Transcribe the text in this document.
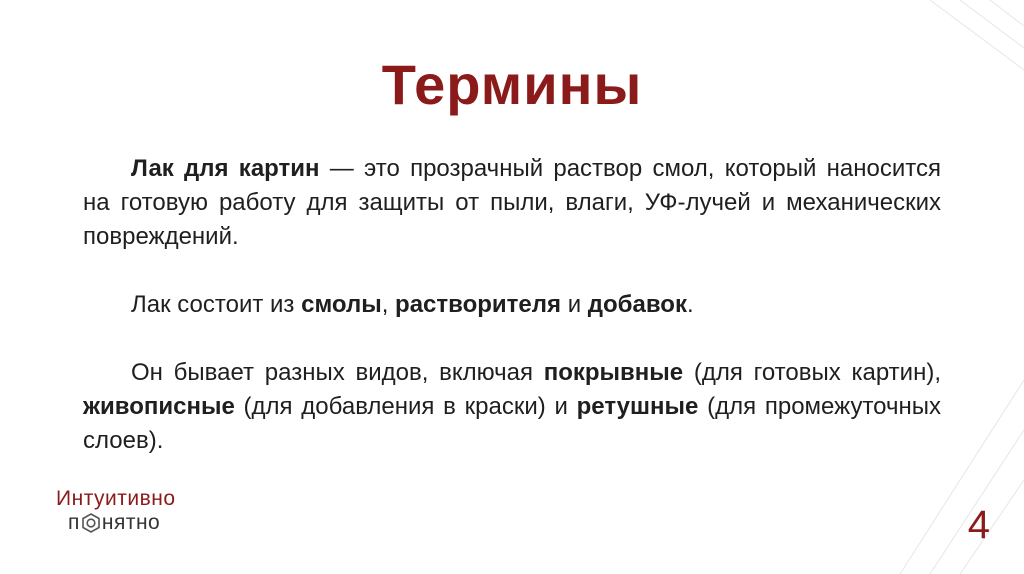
Термины

Лак для картин — это прозрачный раствор смол, который наносится на готовую работу для защиты от пыли, влаги, УФ-лучей и механических повреждений.

Лак состоит из смолы, растворителя и добавок.

Он бывает разных видов, включая покрывные (для готовых картин), живописные (для добавления в краски) и ретушные (для промежуточных слоев).

Интуитивно
п нятно	4
